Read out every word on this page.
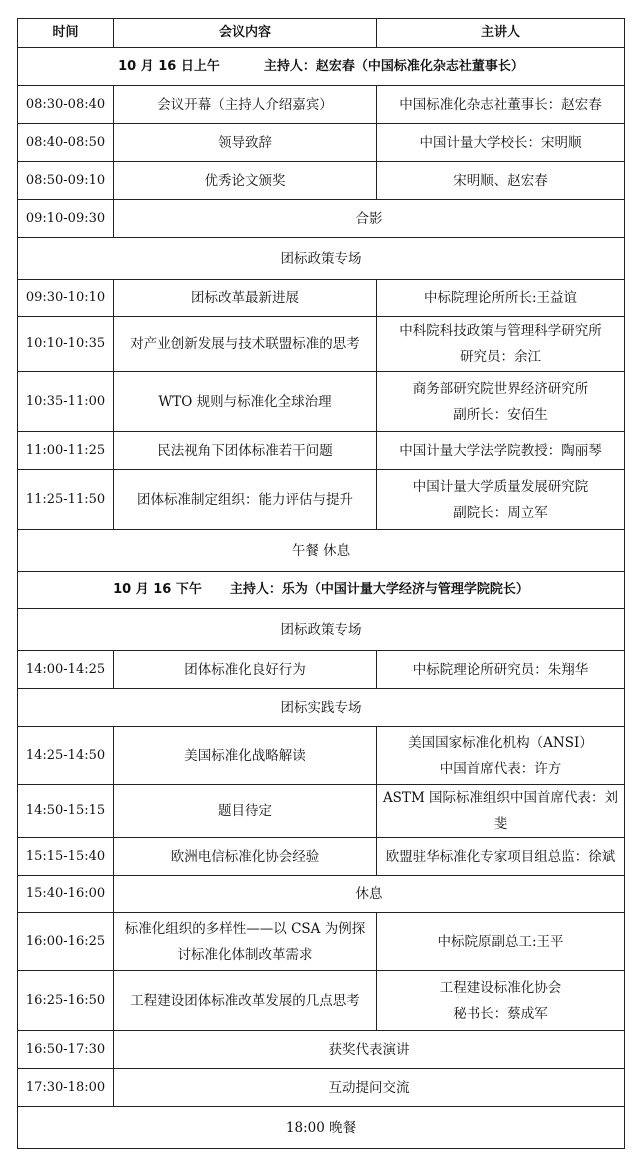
时间	会议内容	主讲人
10 月 16 日上午 主持人：赵宏春（中国标准化杂志社董事长）		
08:30-08:40	会议开幕（主持人介绍嘉宾）	中国标准化杂志社董事长：赵宏春
08:40-08:50	领导致辞	中国计量大学校长：宋明顺
08:50-09:10	优秀论文颁奖	宋明顺、赵宏春
09:10-09:30	合影	
团标政策专场		
09:30-10:10	团标改革最新进展	中标院理论所所长:王益谊
10:10-10:35	对产业创新发展与技术联盟标准的思考	中科院科技政策与管理科学研究所
研究员：余江

10:35-11:00	WTO 规则与标准化全球治理	商务部研究院世界经济研究所
副所长：安佰生

11:00-11:25	民法视角下团体标准若干问题	中国计量大学法学院教授：陶丽琴
11:25-11:50	团体标准制定组织：能力评估与提升	中国计量大学质量发展研究院
副院长：周立军

午餐 休息		
10 月 16 下午 主持人：乐为（中国计量大学经济与管理学院院长）		
团标政策专场		
14:00-14:25	团体标准化良好行为	中标院理论所研究员：朱翔华
团标实践专场		
14:25-14:50	美国标准化战略解读	美国国家标准化机构（ANSI）
中国首席代表：许方

14:50-15:15	题目待定	ASTM 国际标准组织中国首席代表：刘斐
15:15-15:40	欧洲电信标准化协会经验	欧盟驻华标准化专家项目组总监：徐斌
15:40-16:00	休息	
16:00-16:25	标准化组织的多样性——以 CSA 为例探
讨标准化体制改革需求	中标院原副总工:王平
16:25-16:50	工程建设团体标准改革发展的几点思考	工程建设标准化协会
秘书长：蔡成军

16:50-17:30	获奖代表演讲	
17:30-18:00	互动提问交流	
18:00 晚餐		
